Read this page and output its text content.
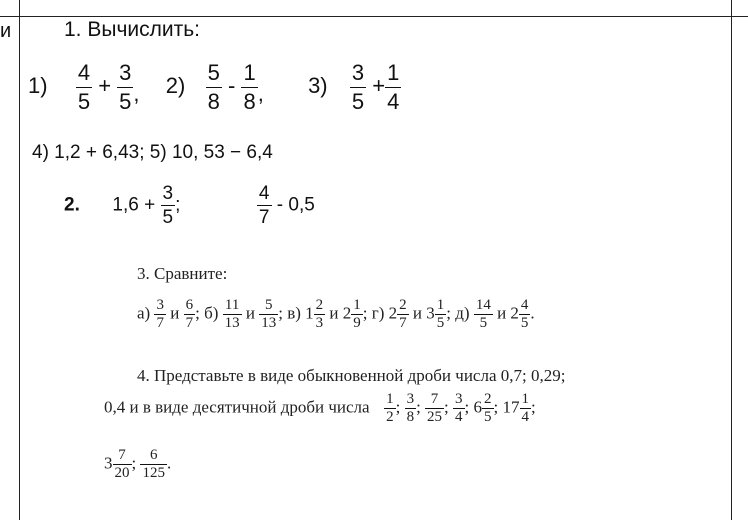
и	1. Вычислить:
$1) \frac{4}{5} + \frac{3}{5}$ , $2) \frac{5}{8} - \frac{1}{8}$ , $3) \frac{3}{5} + \frac{1}{4}$
4) 1,2 + 6,43; 5) 10, 53 − 6,4
2. $1,6 + \frac{3}{5}$ ;	$\frac{4}{7} - 0,5$
3. Сравните:
$а) \frac{3}{7}$ и $\frac{6}{7}$ ; $б) \frac{11}{13}$ и $\frac{5}{13}$ ; в) $1 \frac{2}{3}$ и $2 \frac{1}{9}$ ; г) $2 \frac{2}{7}$ и $3 \frac{1}{5}$ ; $д) \frac{14}{5}$ и $2 \frac{4}{5}$ .
4. Представьте в виде обыкновенной дроби числа 0,7; 0,29;
0,4 и в виде десятичной дроби числа $\frac{1}{2}$ ; $\frac{3}{8}$ ; $\frac{7}{25}$ ; $\frac{3}{4}$ ; $6 \frac{2}{5}$ ; $17 \frac{1}{4}$ ;
$3 \frac{7}{20}$ ; $\frac{6}{125}$ .
